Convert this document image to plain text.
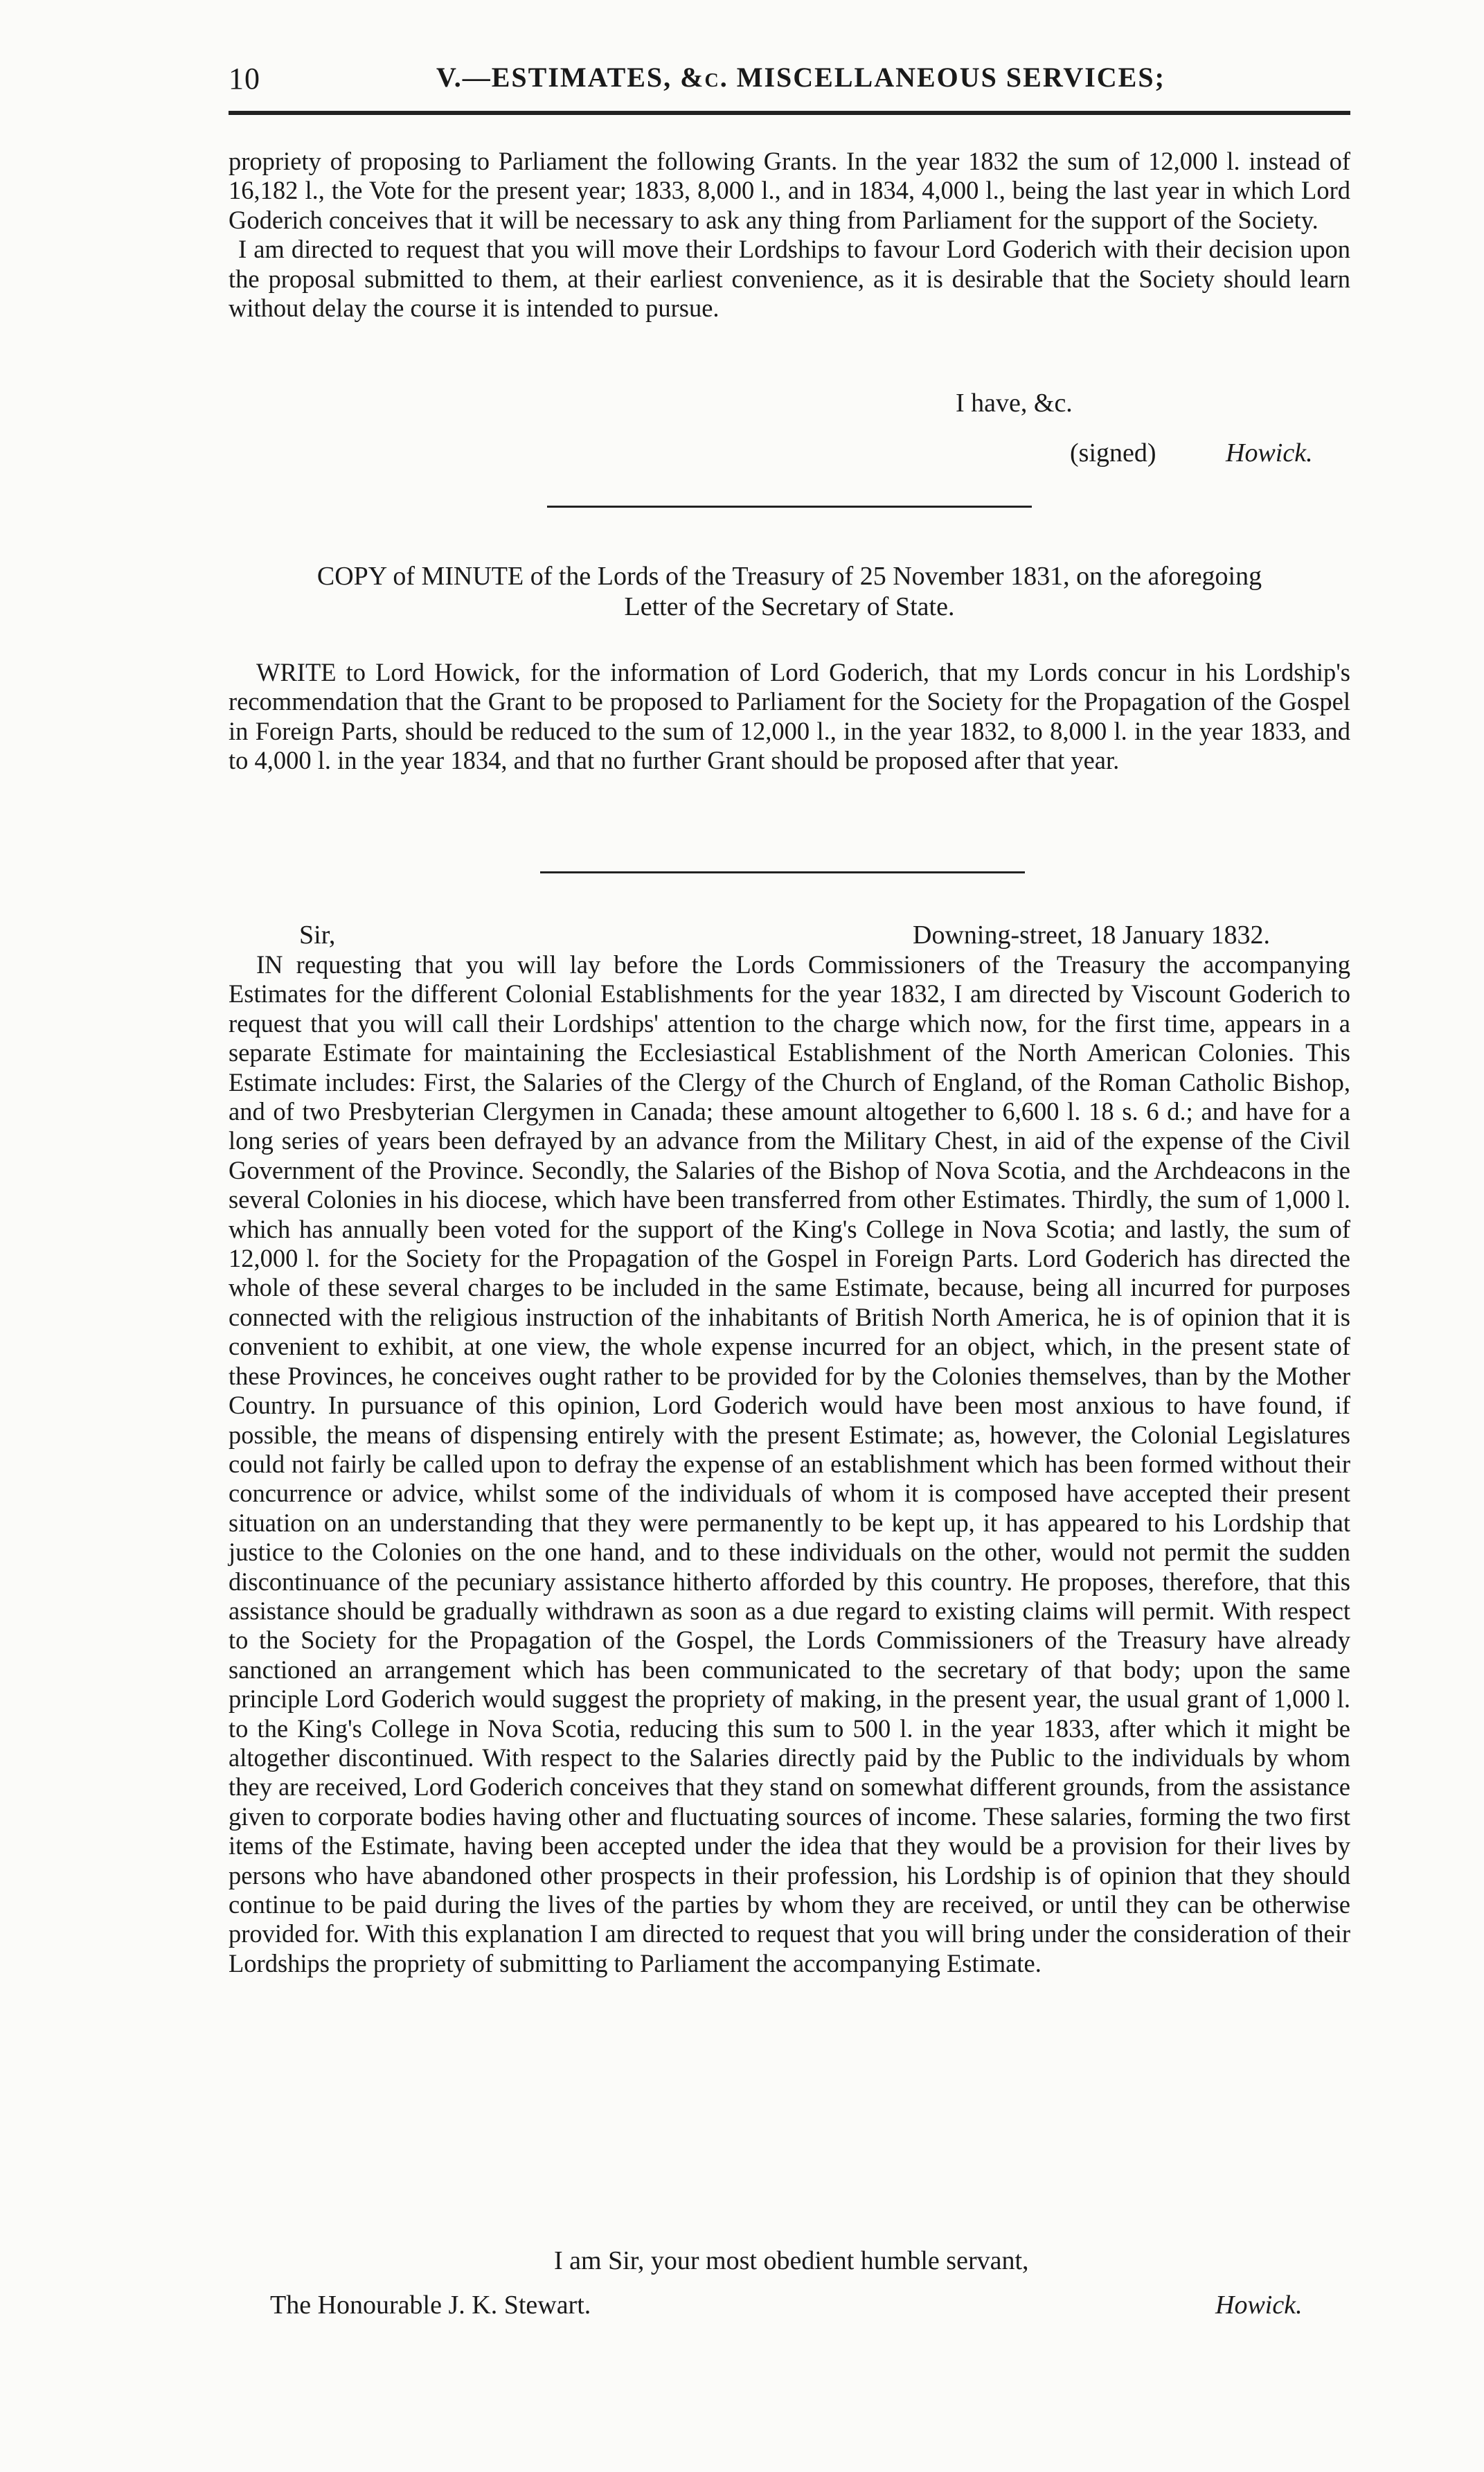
10	V.—ESTIMATES, &c. MISCELLANEOUS SERVICES;

propriety of proposing to Parliament the following Grants. In the year 1832 the sum of 12,000 l. instead of 16,182 l., the Vote for the present year; 1833, 8,000 l., and in 1834, 4,000 l., being the last year in which Lord Goderich conceives that it will be necessary to ask any thing from Parliament for the support of the Society.

I am directed to request that you will move their Lordships to favour Lord Goderich with their decision upon the proposal submitted to them, at their earliest convenience, as it is desirable that the Society should learn without delay the course it is intended to pursue.

I have, &c.
(signed)	Howick.
COPY of MINUTE of the Lords of the Treasury of 25 November 1831, on the aforegoing
Letter of the Secretary of State.

WRITE to Lord Howick, for the information of Lord Goderich, that my Lords concur in his Lordship's recommendation that the Grant to be proposed to Parliament for the Society for the Propagation of the Gospel in Foreign Parts, should be reduced to the sum of 12,000 l., in the year 1832, to 8,000 l. in the year 1833, and to 4,000 l. in the year 1834, and that no further Grant should be proposed after that year.

Sir,	Downing-street, 18 January 1832.

IN requesting that you will lay before the Lords Commissioners of the Treasury the accompanying Estimates for the different Colonial Establishments for the year 1832, I am directed by Viscount Goderich to request that you will call their Lordships' attention to the charge which now, for the first time, appears in a separate Estimate for maintaining the Ecclesiastical Establishment of the North American Colonies. This Estimate includes: First, the Salaries of the Clergy of the Church of England, of the Roman Catholic Bishop, and of two Presbyterian Clergymen in Canada; these amount altogether to 6,600 l. 18 s. 6 d.; and have for a long series of years been defrayed by an advance from the Military Chest, in aid of the expense of the Civil Government of the Province. Secondly, the Salaries of the Bishop of Nova Scotia, and the Archdeacons in the several Colonies in his diocese, which have been transferred from other Estimates. Thirdly, the sum of 1,000 l. which has annually been voted for the support of the King's College in Nova Scotia; and lastly, the sum of 12,000 l. for the Society for the Propagation of the Gospel in Foreign Parts. Lord Goderich has directed the whole of these several charges to be included in the same Estimate, because, being all incurred for purposes connected with the religious instruction of the inhabitants of British North America, he is of opinion that it is convenient to exhibit, at one view, the whole expense incurred for an object, which, in the present state of these Provinces, he conceives ought rather to be provided for by the Colonies themselves, than by the Mother Country. In pursuance of this opinion, Lord Goderich would have been most anxious to have found, if possible, the means of dispensing entirely with the present Estimate; as, however, the Colonial Legislatures could not fairly be called upon to defray the expense of an establishment which has been formed without their concurrence or advice, whilst some of the individuals of whom it is composed have accepted their present situation on an understanding that they were permanently to be kept up, it has appeared to his Lordship that justice to the Colonies on the one hand, and to these individuals on the other, would not permit the sudden discontinuance of the pecuniary assistance hitherto afforded by this country. He proposes, therefore, that this assistance should be gradually withdrawn as soon as a due regard to existing claims will permit. With respect to the Society for the Propagation of the Gospel, the Lords Commissioners of the Treasury have already sanctioned an arrangement which has been communicated to the secretary of that body; upon the same principle Lord Goderich would suggest the propriety of making, in the present year, the usual grant of 1,000 l. to the King's College in Nova Scotia, reducing this sum to 500 l. in the year 1833, after which it might be altogether discontinued. With respect to the Salaries directly paid by the Public to the individuals by whom they are received, Lord Goderich conceives that they stand on somewhat different grounds, from the assistance given to corporate bodies having other and fluctuating sources of income. These salaries, forming the two first items of the Estimate, having been accepted under the idea that they would be a provision for their lives by persons who have abandoned other prospects in their profession, his Lordship is of opinion that they should continue to be paid during the lives of the parties by whom they are received, or until they can be otherwise provided for. With this explanation I am directed to request that you will bring under the consideration of their Lordships the propriety of submitting to Parliament the accompanying Estimate.

I am Sir, your most obedient humble servant,
The Honourable J. K. Stewart.	Howick.
